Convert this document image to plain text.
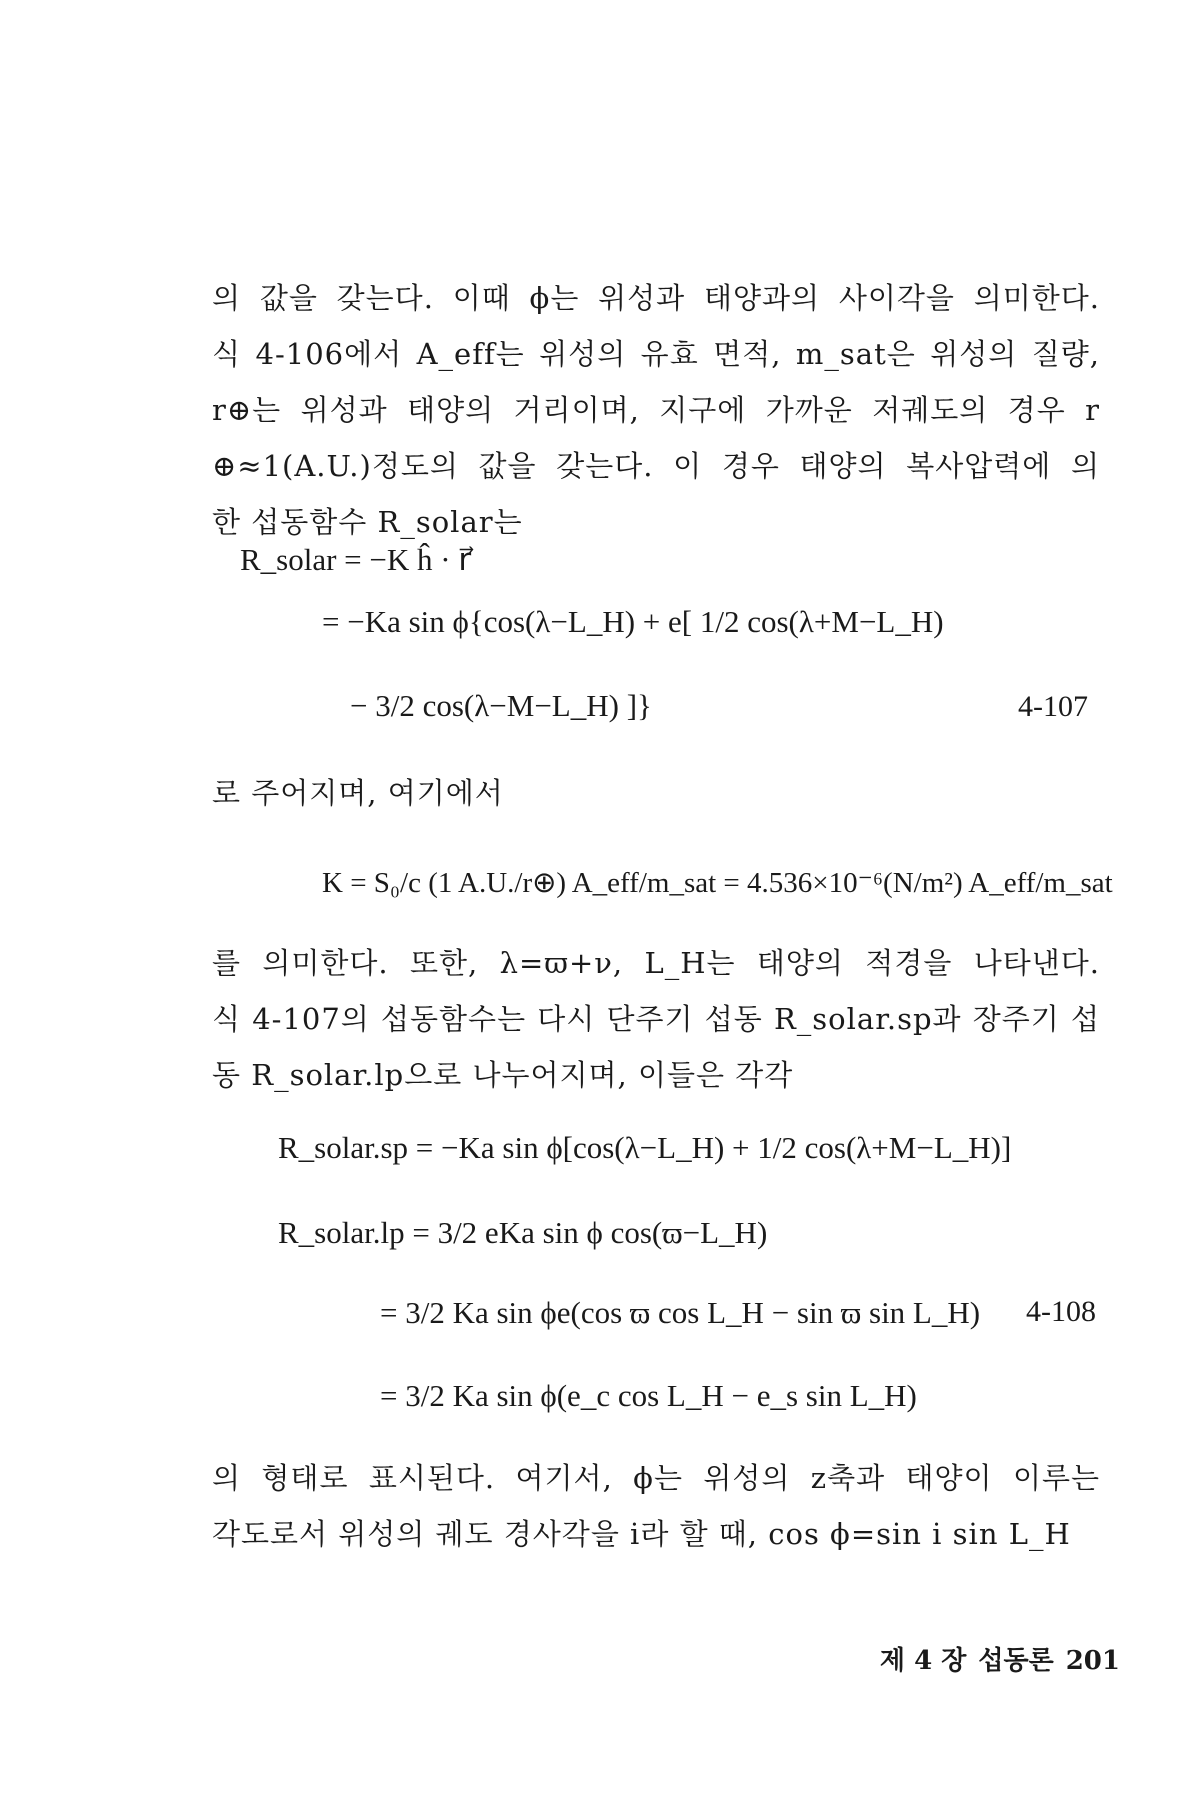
의 값을 갖는다. 이때 ϕ는 위성과 태양과의 사이각을 의미한다.
식 4-106에서 A_eff는 위성의 유효 면적, m_sat은 위성의 질량,
r⊕는 위성과 태양의 거리이며, 지구에 가까운 저궤도의 경우 r
⊕≈1(A.U.)정도의 값을 갖는다. 이 경우 태양의 복사압력에 의
한 섭동함수 R_solar는
R_solar = −K ĥ · r⃗
= −Ka sin ϕ{cos(λ−L_H) + e[ 1/2 cos(λ+M−L_H)
− 3/2 cos(λ−M−L_H) ]}	4-107
로 주어지며, 여기에서
K = S₀/c (1 A.U./r⊕) A_eff/m_sat = 4.536×10⁻⁶(N/m²) A_eff/m_sat
를 의미한다. 또한, λ=ϖ+ν, L_H는 태양의 적경을 나타낸다.
식 4-107의 섭동함수는 다시 단주기 섭동 R_solar.sp과 장주기 섭
동 R_solar.lp으로 나누어지며, 이들은 각각
R_solar.sp = −Ka sin ϕ[cos(λ−L_H) + 1/2 cos(λ+M−L_H)]
R_solar.lp = 3/2 eKa sin ϕ cos(ϖ−L_H)
= 3/2 Ka sin ϕe(cos ϖ cos L_H − sin ϖ sin L_H) 4-108
= 3/2 Ka sin ϕ(e_c cos L_H − e_s sin L_H)
의 형태로 표시된다. 여기서, ϕ는 위성의 z축과 태양이 이루는
각도로서 위성의 궤도 경사각을 i라 할 때, cos ϕ=sin i sin L_H
제 4 장 섭동론 201
